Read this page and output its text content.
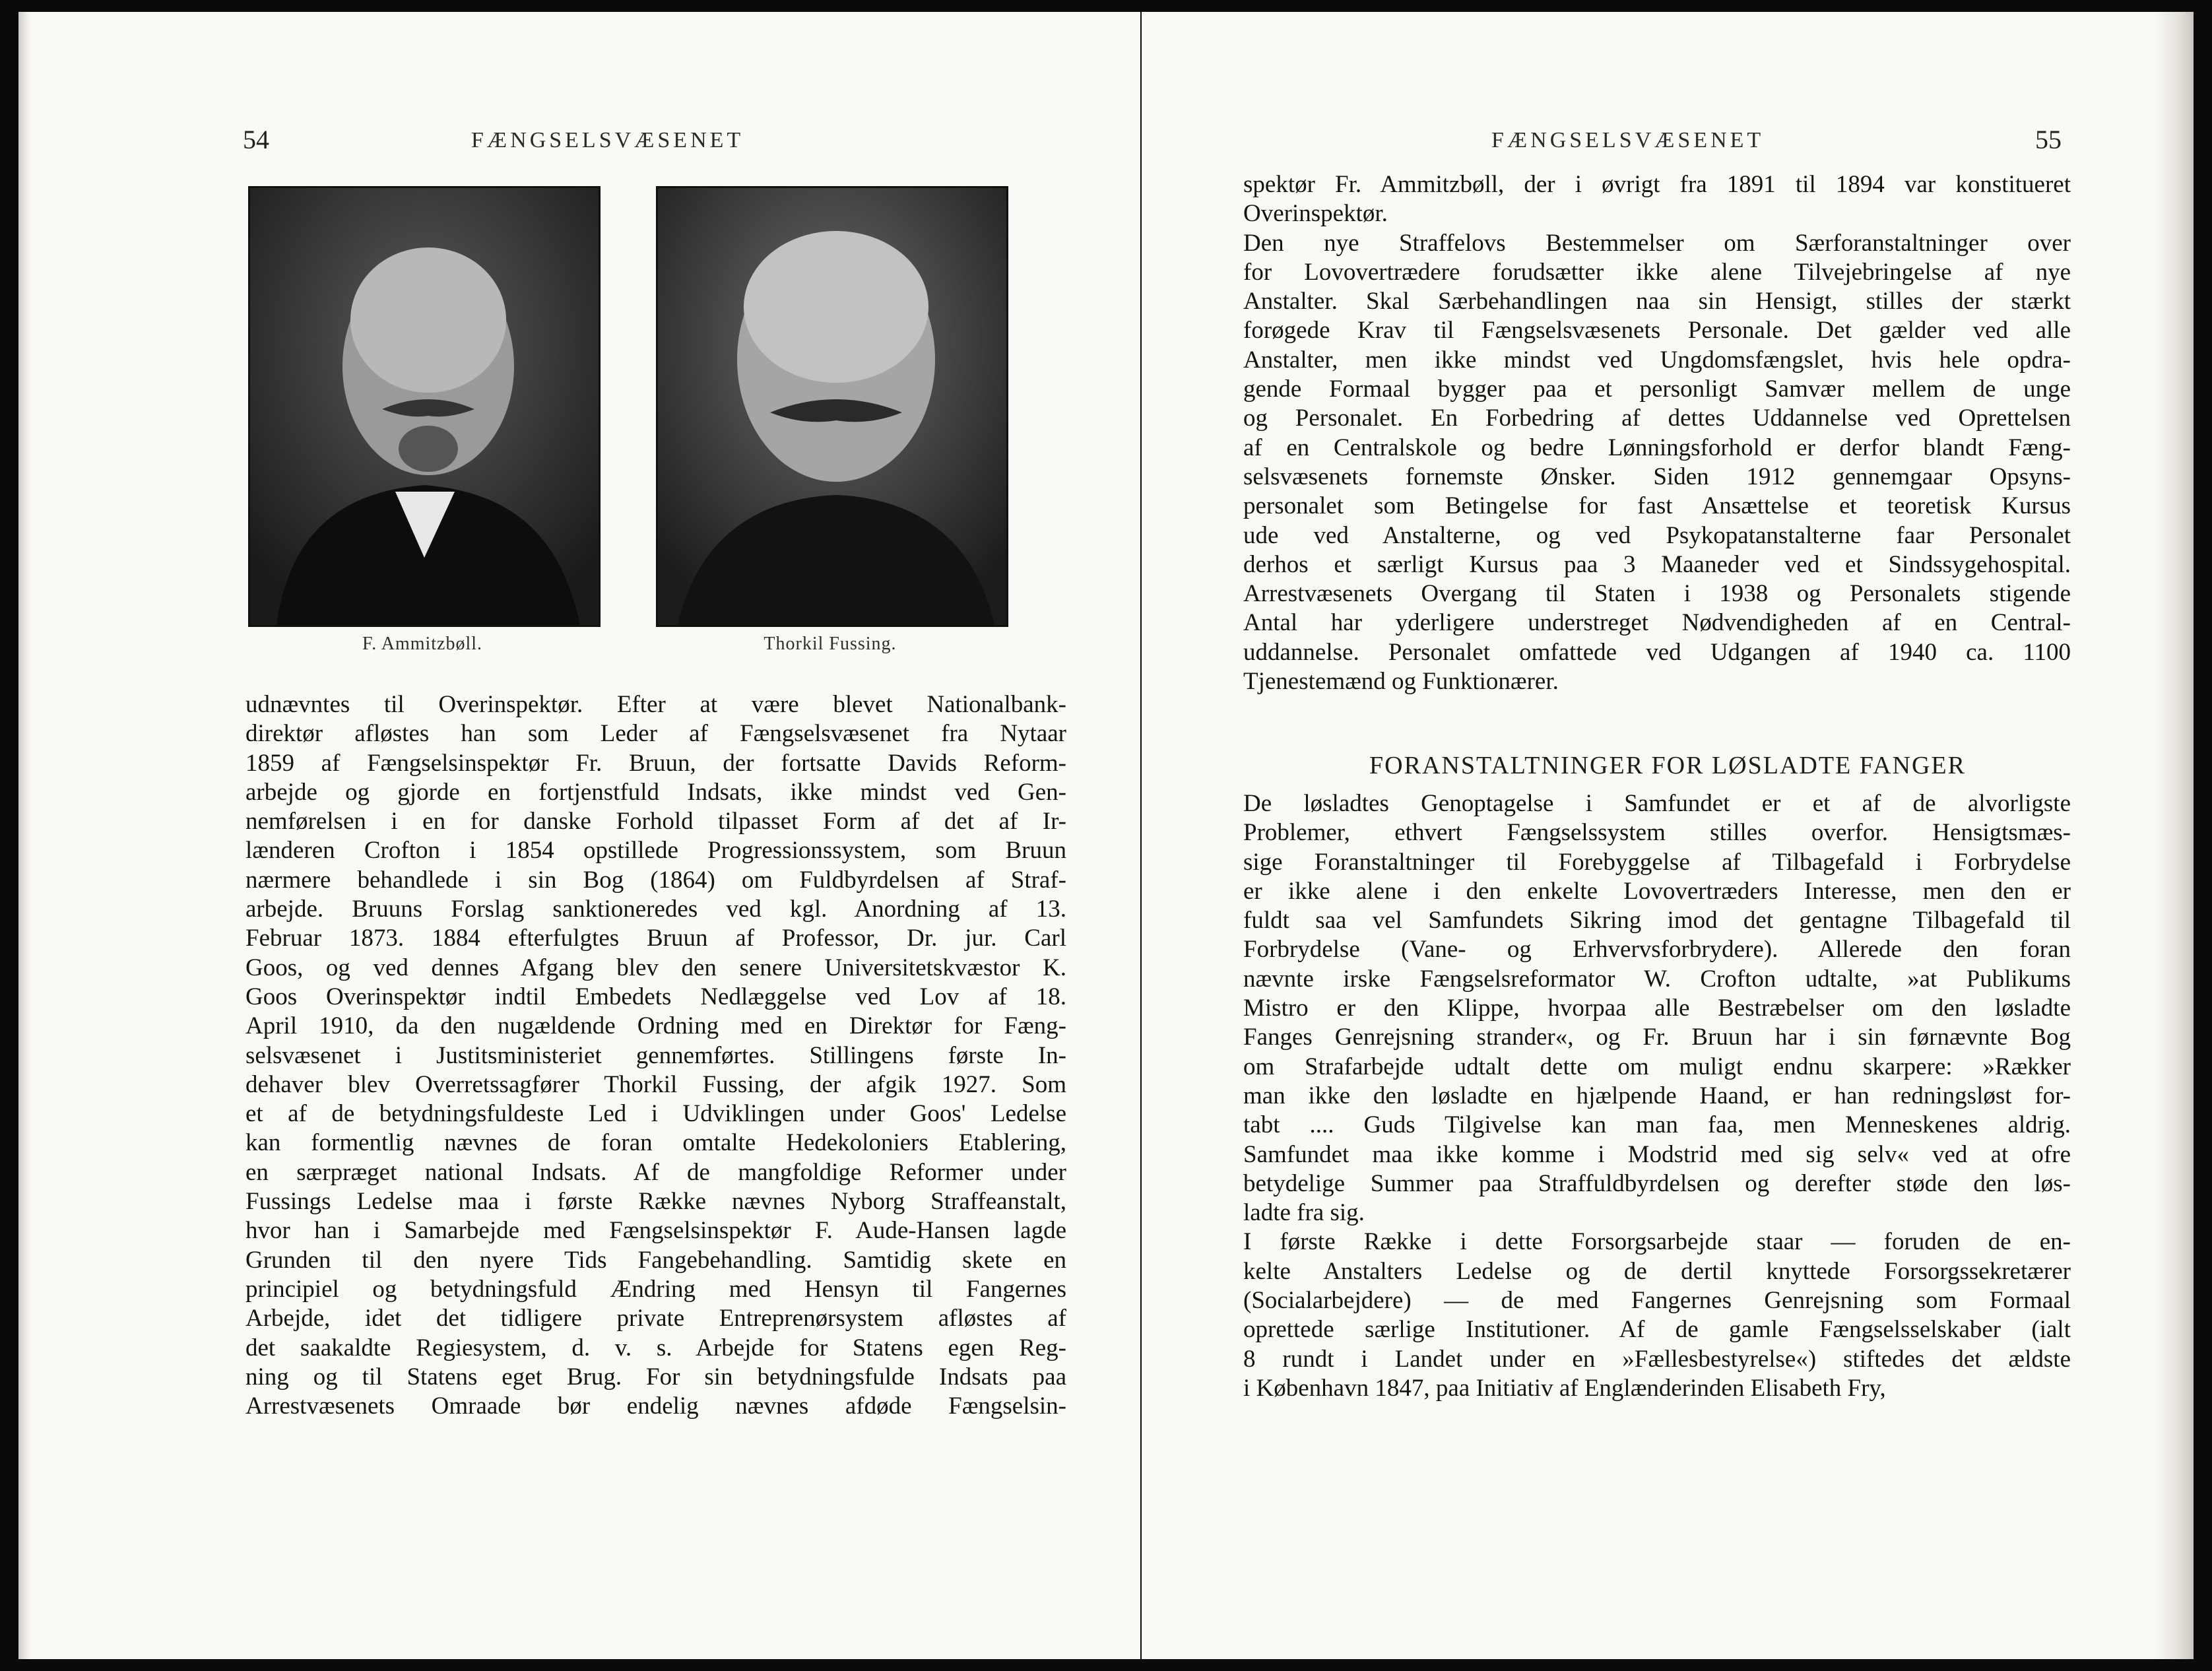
54	FÆNGSELSVÆSENET
F. Ammitzbøll.	Thorkil Fussing.
udnævntes til Overinspektør. Efter at være blevet Nationalbank-
direktør afløstes han som Leder af Fængselsvæsenet fra Nytaar
1859 af Fængselsinspektør Fr. Bruun, der fortsatte Davids Reform-
arbejde og gjorde en fortjenstfuld Indsats, ikke mindst ved Gen-
nemførelsen i en for danske Forhold tilpasset Form af det af Ir-
lænderen Crofton i 1854 opstillede Progressionssystem, som Bruun
nærmere behandlede i sin Bog (1864) om Fuldbyrdelsen af Straf-
arbejde. Bruuns Forslag sanktioneredes ved kgl. Anordning af 13.
Februar 1873. 1884 efterfulgtes Bruun af Professor, Dr. jur. Carl
Goos, og ved dennes Afgang blev den senere Universitetskvæstor K.
Goos Overinspektør indtil Embedets Nedlæggelse ved Lov af 18.
April 1910, da den nugældende Ordning med en Direktør for Fæng-
selsvæsenet i Justitsministeriet gennemførtes. Stillingens første In-
dehaver blev Overretssagfører Thorkil Fussing, der afgik 1927. Som
et af de betydningsfuldeste Led i Udviklingen under Goos' Ledelse
kan formentlig nævnes de foran omtalte Hedekoloniers Etablering,
en særpræget national Indsats. Af de mangfoldige Reformer under
Fussings Ledelse maa i første Række nævnes Nyborg Straffeanstalt,
hvor han i Samarbejde med Fængselsinspektør F. Aude-Hansen lagde
Grunden til den nyere Tids Fangebehandling. Samtidig skete en
principiel og betydningsfuld Ændring med Hensyn til Fangernes
Arbejde, idet det tidligere private Entreprenørsystem afløstes af
det saakaldte Regiesystem, d. v. s. Arbejde for Statens egen Reg-
ning og til Statens eget Brug. For sin betydningsfulde Indsats paa
Arrestvæsenets Omraade bør endelig nævnes afdøde Fængselsin-
FÆNGSELSVÆSENET	55
spektør Fr. Ammitzbøll, der i øvrigt fra 1891 til 1894 var konstitueret
Overinspektør.
Den nye Straffelovs Bestemmelser om Særforanstaltninger over
for Lovovertrædere forudsætter ikke alene Tilvejebringelse af nye
Anstalter. Skal Særbehandlingen naa sin Hensigt, stilles der stærkt
forøgede Krav til Fængselsvæsenets Personale. Det gælder ved alle
Anstalter, men ikke mindst ved Ungdomsfængslet, hvis hele opdra-
gende Formaal bygger paa et personligt Samvær mellem de unge
og Personalet. En Forbedring af dettes Uddannelse ved Oprettelsen
af en Centralskole og bedre Lønningsforhold er derfor blandt Fæng-
selsvæsenets fornemste Ønsker. Siden 1912 gennemgaar Opsyns-
personalet som Betingelse for fast Ansættelse et teoretisk Kursus
ude ved Anstalterne, og ved Psykopatanstalterne faar Personalet
derhos et særligt Kursus paa 3 Maaneder ved et Sindssygehospital.
Arrestvæsenets Overgang til Staten i 1938 og Personalets stigende
Antal har yderligere understreget Nødvendigheden af en Central-
uddannelse. Personalet omfattede ved Udgangen af 1940 ca. 1100
Tjenestemænd og Funktionærer.
FORANSTALTNINGER FOR LØSLADTE FANGER
De løsladtes Genoptagelse i Samfundet er et af de alvorligste
Problemer, ethvert Fængselssystem stilles overfor. Hensigtsmæs-
sige Foranstaltninger til Forebyggelse af Tilbagefald i Forbrydelse
er ikke alene i den enkelte Lovovertræders Interesse, men den er
fuldt saa vel Samfundets Sikring imod det gentagne Tilbagefald til
Forbrydelse (Vane- og Erhvervsforbrydere). Allerede den foran
nævnte irske Fængselsreformator W. Crofton udtalte, »at Publikums
Mistro er den Klippe, hvorpaa alle Bestræbelser om den løsladte
Fanges Genrejsning strander«, og Fr. Bruun har i sin førnævnte Bog
om Strafarbejde udtalt dette om muligt endnu skarpere: »Rækker
man ikke den løsladte en hjælpende Haand, er han redningsløst for-
tabt .... Guds Tilgivelse kan man faa, men Menneskenes aldrig.
Samfundet maa ikke komme i Modstrid med sig selv« ved at ofre
betydelige Summer paa Straffuldbyrdelsen og derefter støde den løs-
ladte fra sig.
I første Række i dette Forsorgsarbejde staar — foruden de en-
kelte Anstalters Ledelse og de dertil knyttede Forsorgssekretærer
(Socialarbejdere) — de med Fangernes Genrejsning som Formaal
oprettede særlige Institutioner. Af de gamle Fængselsselskaber (ialt
8 rundt i Landet under en »Fællesbestyrelse«) stiftedes det ældste
i København 1847, paa Initiativ af Englænderinden Elisabeth Fry,
